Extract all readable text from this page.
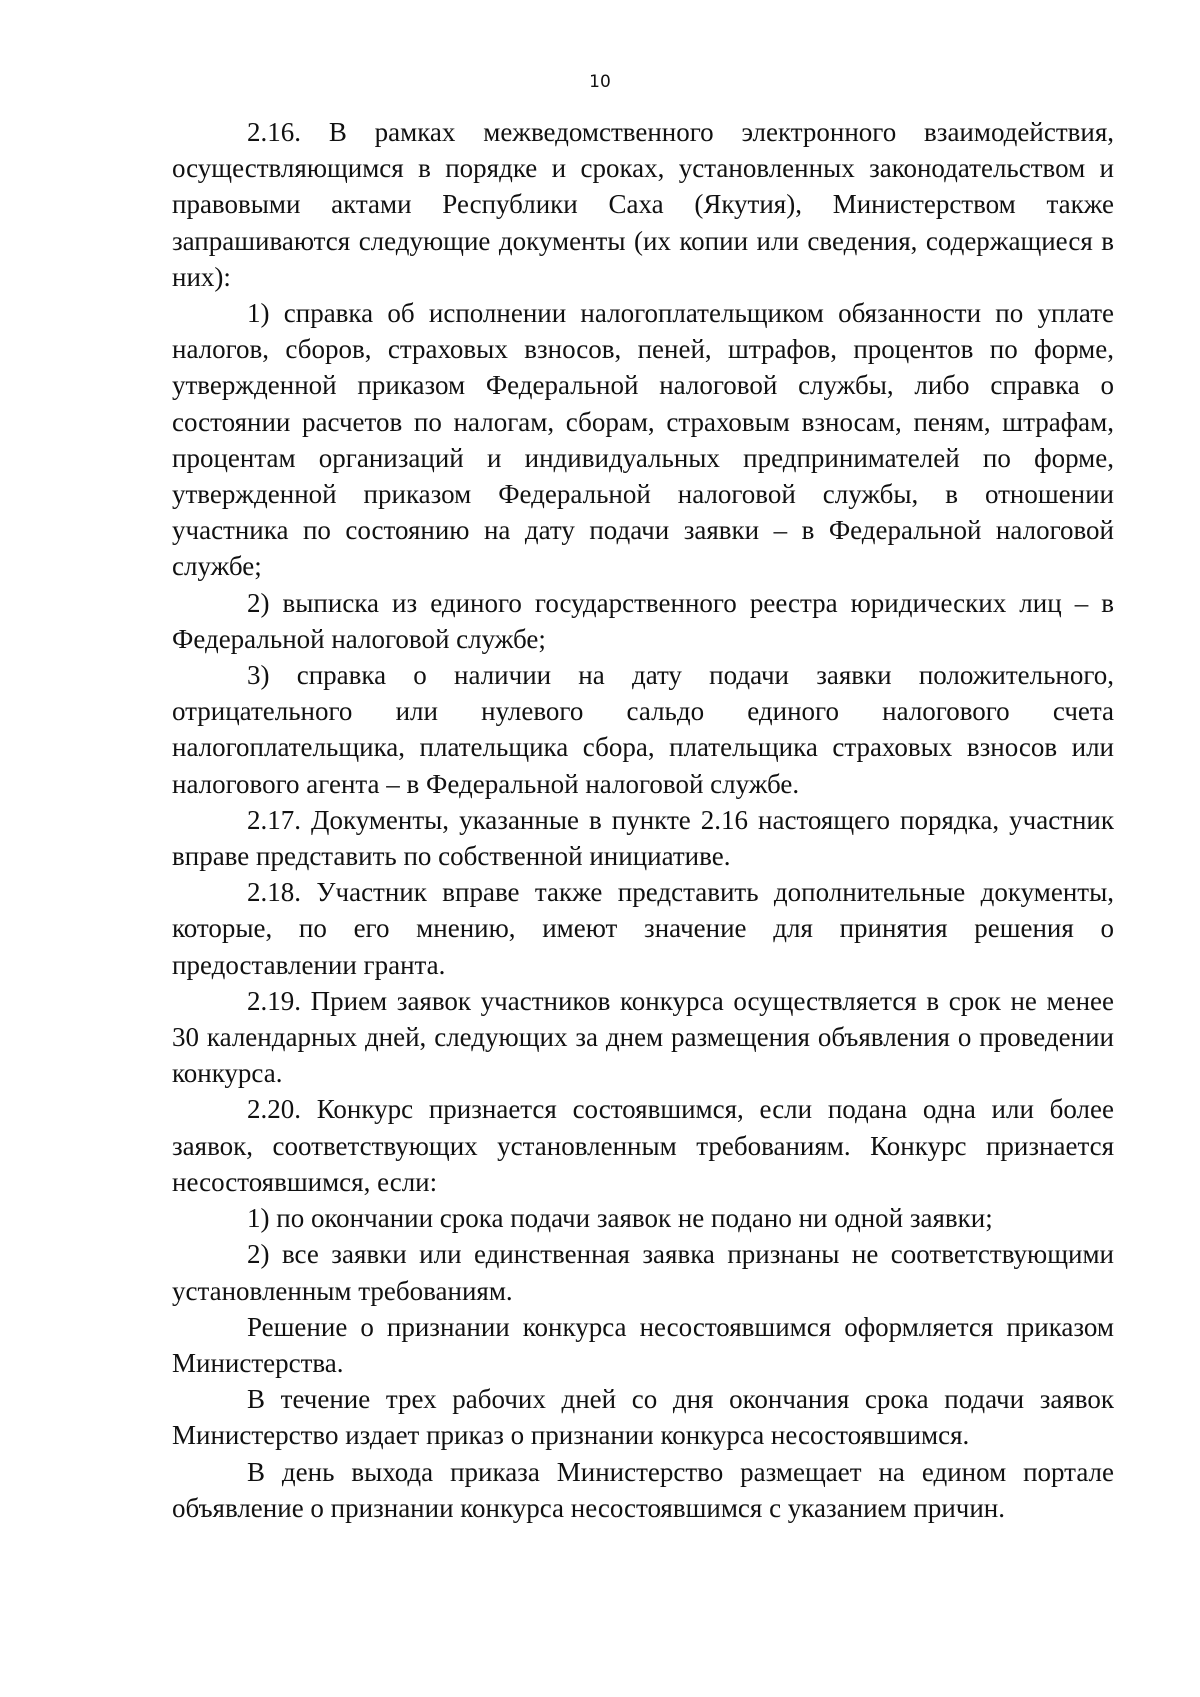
10

2.16. В рамках межведомственного электронного взаимодействия, осуществляющимся в порядке и сроках, установленных законодательством и правовыми актами Республики Саха (Якутия), Министерством также запрашиваются следующие документы (их копии или сведения, содержащиеся в них):

1) справка об исполнении налогоплательщиком обязанности по уплате налогов, сборов, страховых взносов, пеней, штрафов, процентов по форме, утвержденной приказом Федеральной налоговой службы, либо справка о состоянии расчетов по налогам, сборам, страховым взносам, пеням, штрафам, процентам организаций и индивидуальных предпринимателей по форме, утвержденной приказом Федеральной налоговой службы, в отношении участника по состоянию на дату подачи заявки – в Федеральной налоговой службе;

2) выписка из единого государственного реестра юридических лиц – в Федеральной налоговой службе;

3) справка о наличии на дату подачи заявки положительного, отрицательного или нулевого сальдо единого налогового счета налогоплательщика, плательщика сбора, плательщика страховых взносов или налогового агента – в Федеральной налоговой службе.

2.17. Документы, указанные в пункте 2.16 настоящего порядка, участник вправе представить по собственной инициативе.

2.18. Участник вправе также представить дополнительные документы, которые, по его мнению, имеют значение для принятия решения о предоставлении гранта.

2.19. Прием заявок участников конкурса осуществляется в срок не менее 30 календарных дней, следующих за днем размещения объявления о проведении конкурса.

2.20. Конкурс признается состоявшимся, если подана одна или более заявок, соответствующих установленным требованиям. Конкурс признается несостоявшимся, если:

1) по окончании срока подачи заявок не подано ни одной заявки;

2) все заявки или единственная заявка признаны не соответствующими установленным требованиям.

Решение о признании конкурса несостоявшимся оформляется приказом Министерства.

В течение трех рабочих дней со дня окончания срока подачи заявок Министерство издает приказ о признании конкурса несостоявшимся.

В день выхода приказа Министерство размещает на едином портале объявление о признании конкурса несостоявшимся с указанием причин.
